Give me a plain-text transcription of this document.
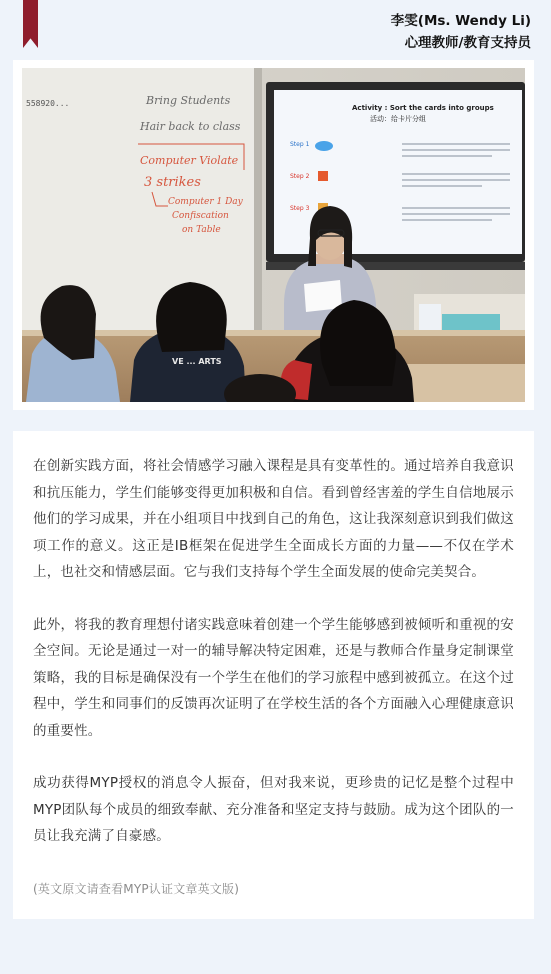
李雯(Ms. Wendy Li)
心理教师/教育支持员
558920...	Bring Students
Hair back to class
Computer Violate
3 strikes
Computer 1 Day
Confiscation
on Table
Activity : Sort the cards into groups
活动：给卡片分组
Step 1
Step 2
Step 3
VE ... ARTS

在创新实践方面，将社会情感学习融入课程是具有变革性的。通过培养自我意识和抗压能力，学生们能够变得更加积极和自信。看到曾经害羞的学生自信地展示他们的学习成果，并在小组项目中找到自己的角色，这让我深刻意识到我们做这项工作的意义。这正是IB框架在促进学生全面成长方面的力量——不仅在学术上，也社交和情感层面。它与我们支持每个学生全面发展的使命完美契合。

此外，将我的教育理想付诸实践意味着创建一个学生能够感到被倾听和重视的安全空间。无论是通过一对一的辅导解决特定困难，还是与教师合作量身定制课堂策略，我的目标是确保没有一个学生在他们的学习旅程中感到被孤立。在这个过程中，学生和同事们的反馈再次证明了在学校生活的各个方面融入心理健康意识的重要性。

成功获得MYP授权的消息令人振奋，但对我来说，更珍贵的记忆是整个过程中MYP团队每个成员的细致奉献、充分准备和坚定支持与鼓励。成为这个团队的一员让我充满了自豪感。

(英文原文请查看MYP认证文章英文版)
